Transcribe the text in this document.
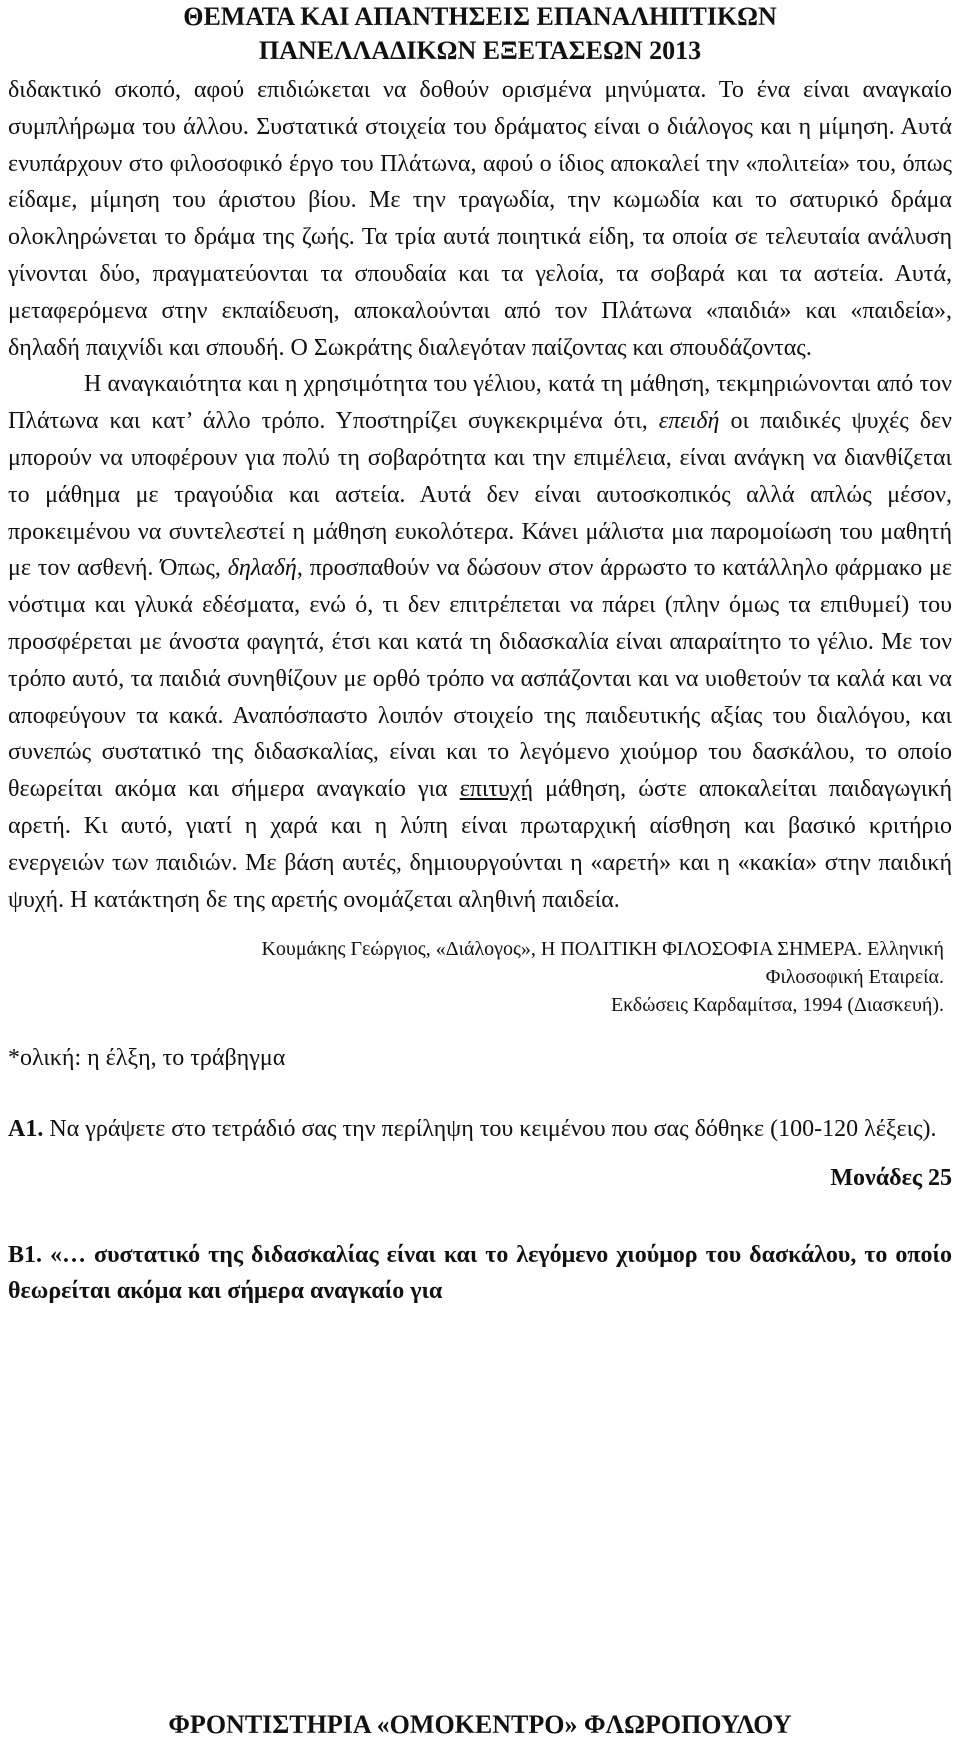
ΘΕΜΑΤΑ ΚΑΙ ΑΠΑΝΤΗΣΕΙΣ ΕΠΑΝΑΛΗΠΤΙΚΩΝ
ΠΑΝΕΛΛΑΔΙΚΩΝ ΕΞΕΤΑΣΕΩΝ 2013

διδακτικό σκοπό, αφού επιδιώκεται να δοθούν ορισμένα μηνύματα. Το ένα είναι αναγκαίο συμπλήρωμα του άλλου. Συστατικά στοιχεία του δράματος είναι ο διάλογος και η μίμηση. Αυτά ενυπάρχουν στο φιλοσοφικό έργο του Πλάτωνα, αφού ο ίδιος αποκαλεί την «πολιτεία» του, όπως είδαμε, μίμηση του άριστου βίου. Με την τραγωδία, την κωμωδία και το σατυρικό δράμα ολοκληρώνεται το δράμα της ζωής. Τα τρία αυτά ποιητικά είδη, τα οποία σε τελευταία ανάλυση γίνονται δύο, πραγματεύονται τα σπουδαία και τα γελοία, τα σοβαρά και τα αστεία. Αυτά, μεταφερόμενα στην εκπαίδευση, αποκαλούνται από τον Πλάτωνα «παιδιά» και «παιδεία», δηλαδή παιχνίδι και σπουδή. Ο Σωκράτης διαλεγόταν παίζοντας και σπουδάζοντας.

Η αναγκαιότητα και η χρησιμότητα του γέλιου, κατά τη μάθηση, τεκμηριώνονται από τον Πλάτωνα και κατ’ άλλο τρόπο. Υποστηρίζει συγκεκριμένα ότι, επειδή οι παιδικές ψυχές δεν μπορούν να υποφέρουν για πολύ τη σοβαρότητα και την επιμέλεια, είναι ανάγκη να διανθίζεται το μάθημα με τραγούδια και αστεία. Αυτά δεν είναι αυτοσκοπικός αλλά απλώς μέσον, προκειμένου να συντελεστεί η μάθηση ευκολότερα. Κάνει μάλιστα μια παρομοίωση του μαθητή με τον ασθενή. Όπως, δηλαδή, προσπαθούν να δώσουν στον άρρωστο το κατάλληλο φάρμακο με νόστιμα και γλυκά εδέσματα, ενώ ό, τι δεν επιτρέπεται να πάρει (πλην όμως τα επιθυμεί) του προσφέρεται με άνοστα φαγητά, έτσι και κατά τη διδασκαλία είναι απαραίτητο το γέλιο. Με τον τρόπο αυτό, τα παιδιά συνηθίζουν με ορθό τρόπο να ασπάζονται και να υιοθετούν τα καλά και να αποφεύγουν τα κακά. Αναπόσπαστο λοιπόν στοιχείο της παιδευτικής αξίας του διαλόγου, και συνεπώς συστατικό της διδασκαλίας, είναι και το λεγόμενο χιούμορ του δασκάλου, το οποίο θεωρείται ακόμα και σήμερα αναγκαίο για επιτυχή μάθηση, ώστε αποκαλείται παιδαγωγική αρετή. Κι αυτό, γιατί η χαρά και η λύπη είναι πρωταρχική αίσθηση και βασικό κριτήριο ενεργειών των παιδιών. Με βάση αυτές, δημιουργούνται η «αρετή» και η «κακία» στην παιδική ψυχή. Η κατάκτηση δε της αρετής ονομάζεται αληθινή παιδεία.

Κουμάκης Γεώργιος, «Διάλογος», Η ΠΟΛΙΤΙΚΗ ΦΙΛΟΣΟΦΙΑ ΣΗΜΕΡΑ. Ελληνική
Φιλοσοφική Εταιρεία.
Εκδώσεις Καρδαμίτσα, 1994 (Διασκευή).
*ολική: η έλξη, το τράβηγμα

Α1. Να γράψετε στο τετράδιό σας την περίληψη του κειμένου που σας δόθηκε (100-120 λέξεις).

Μονάδες 25

Β1. «… συστατικό της διδασκαλίας είναι και το λεγόμενο χιούμορ του δασκάλου, το οποίο θεωρείται ακόμα και σήμερα αναγκαίο για

ΦΡΟΝΤΙΣΤΗΡΙΑ «ΟΜΟΚΕΝΤΡΟ» ΦΛΩΡΟΠΟΥΛΟΥ
